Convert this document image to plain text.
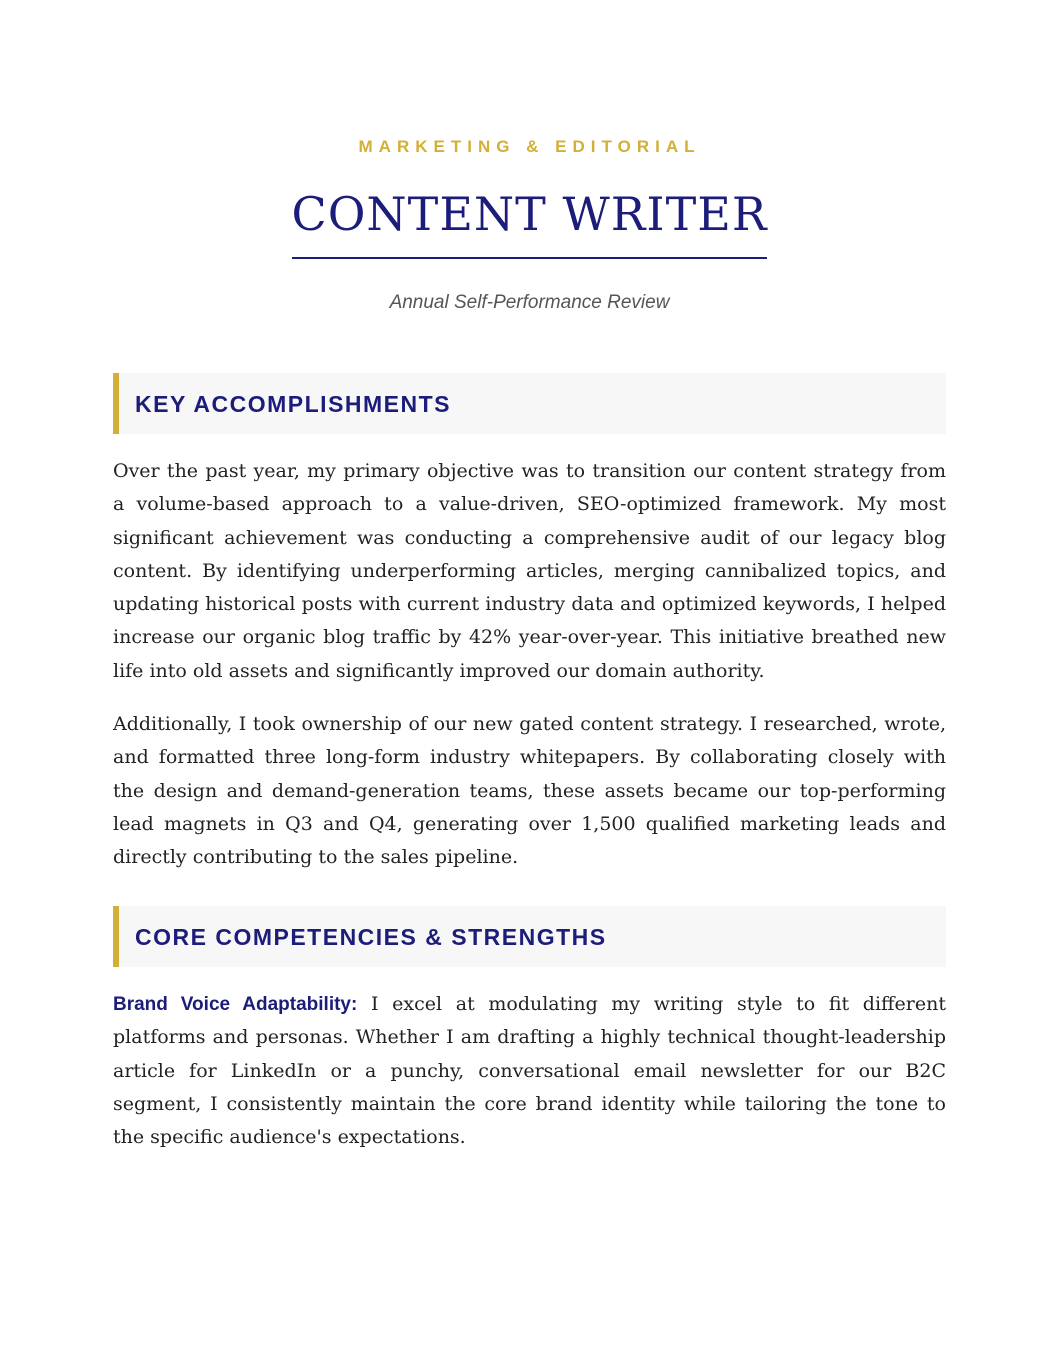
MARKETING & EDITORIAL
CONTENT WRITER
Annual Self-Performance Review
KEY ACCOMPLISHMENTS

Over the past year, my primary objective was to transition our content strategy from a volume-based approach to a value-driven, SEO-optimized framework. My most significant achievement was conducting a comprehensive audit of our legacy blog content. By identifying underperforming articles, merging cannibalized topics, and updating historical posts with current industry data and optimized keywords, I helped increase our organic blog traffic by 42% year-over-year. This initiative breathed new life into old assets and significantly improved our domain authority.

Additionally, I took ownership of our new gated content strategy. I researched, wrote, and formatted three long-form industry whitepapers. By collaborating closely with the design and demand-generation teams, these assets became our top-performing lead magnets in Q3 and Q4, generating over 1,500 qualified marketing leads and directly contributing to the sales pipeline.

CORE COMPETENCIES & STRENGTHS

Brand Voice Adaptability: I excel at modulating my writing style to fit different platforms and personas. Whether I am drafting a highly technical thought-leadership article for LinkedIn or a punchy, conversational email newsletter for our B2C segment, I consistently maintain the core brand identity while tailoring the tone to the specific audience's expectations.
